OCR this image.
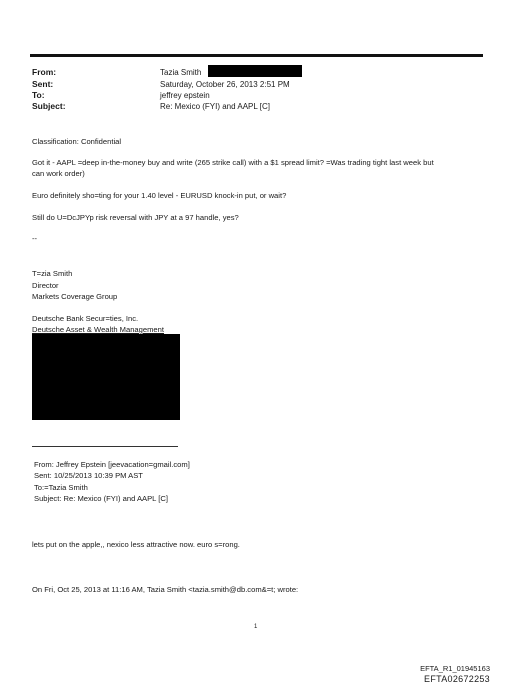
From:	Tazia Smith
Sent:	Saturday, October 26, 2013 2:51 PM
To:	jeffrey epstein
Subject:	Re: Mexico (FYI) and AAPL [C]
Classification: Confidential
Got it - AAPL =deep in-the-money buy and write (265 strike call) with a $1 spread limit? =Was trading tight last week but
can work order)
Euro definitely sho=ting for your 1.40 level - EURUSD knock-in put, or wait?
Still do U=DcJPYp risk reversal with JPY at a 97 handle, yes?
--
T=zia Smith
Director
Markets Coverage Group
Deutsche Bank Secur=ties, Inc.
Deutsche Asset & Wealth Management
From: Jeffrey Epstein [jeevacation=gmail.com]
Sent: 10/25/2013 10:39 PM AST
To:=Tazia Smith
Subject: Re: Mexico (FYI) and AAPL [C]
lets put on the apple,, nexico less attractive now. euro s=rong.
On Fri, Oct 25, 2013 at 11:16 AM, Tazia Smith <tazia.smith@db.com&=t; wrote:
1
EFTA_R1_01945163
EFTA02672253
